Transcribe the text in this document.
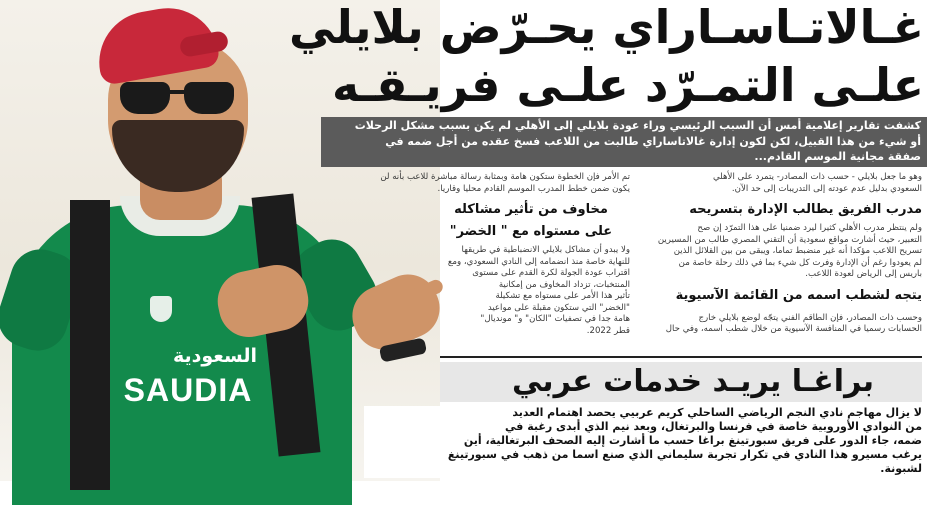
السعودية
SAUDIA
غـالاتـاسـاراي يحـرّض بلايلي
علـى التمـرّد علـى فريـقـه
كشفت تقارير إعلامية أمس أن السبب الرئيسي وراء عودة بلايلي إلى الأهلي لم يكن بسبب مشكل الرحلات
أو شيء من هذا القبيل، لكن لكون إدارة غالاتاساراي طالبت من اللاعب فسخ عقده من أجل ضمه في
صفقة مجانية الموسم القادم...

وهو ما جعل بلايلي - حسب ذات المصادر- يتمرد على الأهلي

السعودي بدليل عدم عودته إلى التدريبات إلى حد الآن.

مدرب الفريق يطالب الإدارة بتسريحه

ولم ينتظر مدرب الأهلي كثيرا ليرد ضمنيا على هذا التمرّد إن صح

التعبير، حيث أشارت مواقع سعودية أن التقني المصري طالب من المسيرين

تسريح اللاعب مؤكدا أنه غير منضبط تماما، ويبقى من بين القلائل الذين

لم يعودوا رغم أن الإدارة وفرت كل شيء بما في ذلك رحلة خاصة من

باريس إلى الرياض لعودة اللاعب.

يتجه لشطب اسمه من القائمة الآسيوية

وحسب ذات المصادر، فإن الطاقم الفني يتجّه لوضع بلايلي خارج

الحسابات رسميا في المنافسة الآسيوية من خلال شطب اسمه، وفي حال

تم الأمر فإن الخطوة ستكون هامة وبمثابة رسالة مباشرة للاعب بأنه لن

يكون ضمن خطط المدرب الموسم القادم محليا وقاريا.

مخاوف من تأثير مشاكله
على مستواه مع " الخضر"

ولا يبدو أن مشاكل بلايلي الانضباطية في طريقها

للنهاية خاصة منذ انضمامه إلى النادي السعودي، ومع

اقتراب عودة الجولة لكرة القدم على مستوى

المنتخبات، تزداد المخاوف من إمكانية

تأثير هذا الأمر على مستواه مع تشكيلة

"الخضر" التي ستكون مقبلة على مواعيد

هامة جدا في تصفيات "الكان" و" مونديال"

قطر 2022.

براغـا يريـد خدمات عربي
لا يزال مهاجم نادي النجم الرياضي الساحلي كريم عربيي يحصد اهتمام العديد
من النوادي الأوروبية خاصة في فرنسا والبرتغال، وبعد نيم الذي أبدى رغبة في
ضمه، جاء الدور على فريق سبورتينغ براغا حسب ما أشارت إليه الصحف البرتغالية، أين
يرغب مسيرو هذا النادي في تكرار تجربة سليماني الذي صنع اسما من ذهب في سبورتينغ
لشبونة.
